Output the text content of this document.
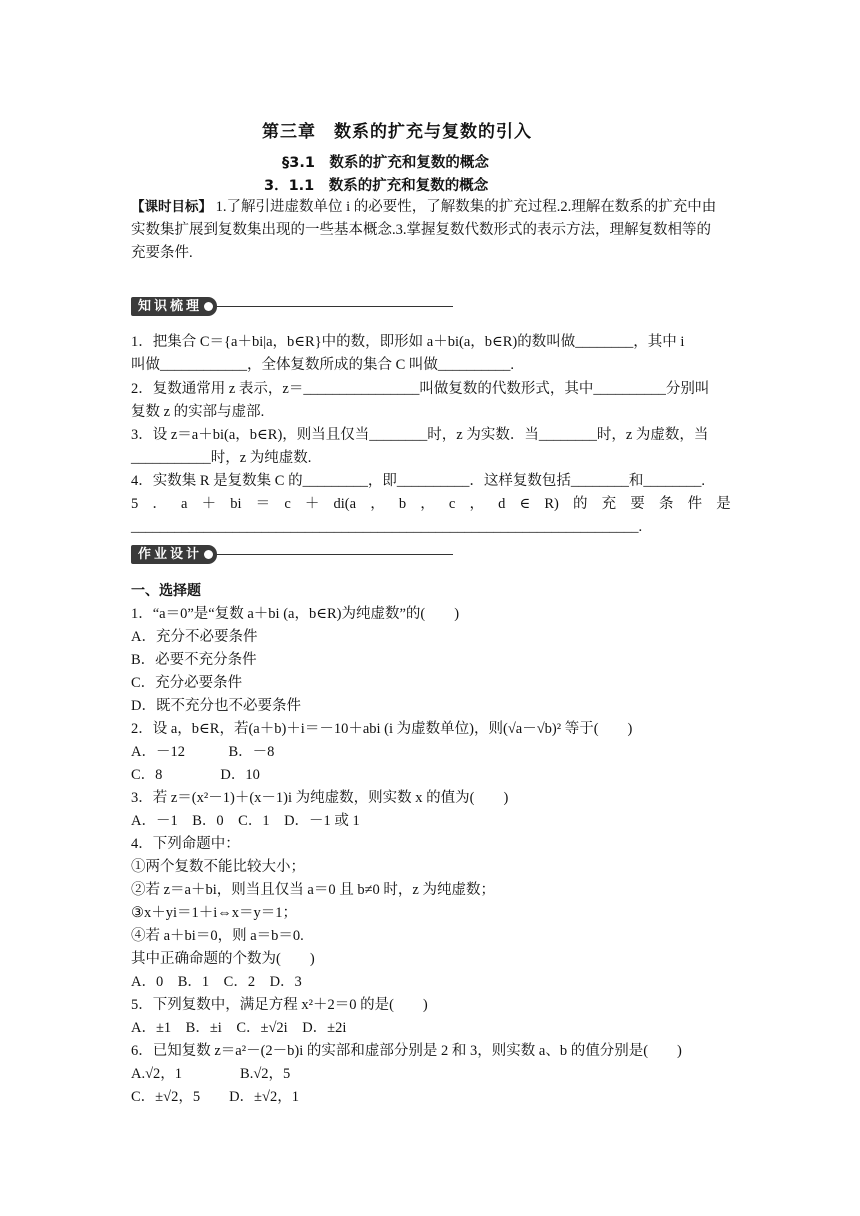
第三章　数系的扩充与复数的引入
§3.1　数系的扩充和复数的概念
3．1.1　数系的扩充和复数的概念
【课时目标】 1.了解引进虚数单位 i 的必要性，了解数集的扩充过程.2.理解在数系的扩充中由
实数集扩展到复数集出现的一些基本概念.3.掌握复数代数形式的表示方法，理解复数相等的
充要条件.
知识梳理
1．把集合 C＝{a＋bi|a，b∈R}中的数，即形如 a＋bi(a，b∈R)的数叫做________，其中 i
叫做____________，全体复数所成的集合 C 叫做__________.
2．复数通常用 z 表示，z＝________________叫做复数的代数形式，其中__________分别叫
复数 z 的实部与虚部.
3．设 z＝a＋bi(a，b∈R)，则当且仅当________时，z 为实数．当________时，z 为虚数，当
___________时，z 为纯虚数.
4．实数集 R 是复数集 C 的_________，即__________．这样复数包括________和________.
5 ． a ＋ bi ＝ c ＋ di(a ， b ， c ， d ∈ R) 的 充 要 条 件 是
______________________________________________________________________.
作业设计
一、选择题
1．“a＝0”是“复数 a＋bi (a，b∈R)为纯虚数”的(　　)
A．充分不必要条件
B．必要不充分条件
C．充分必要条件
D．既不充分也不必要条件
2．设 a，b∈R，若(a＋b)＋i＝－10＋abi (i 为虚数单位)，则(√a－√b)² 等于(　　)
A．－12　　　B．－8
C．8　　　　D．10
3．若 z＝(x²－1)＋(x－1)i 为纯虚数，则实数 x 的值为(　　)
A．－1　B．0　C．1　D．－1 或 1
4．下列命题中：
①两个复数不能比较大小；
②若 z＝a＋bi，则当且仅当 a＝0 且 b≠0 时，z 为纯虚数；
③x＋yi＝1＋i⇔x＝y＝1；
④若 a＋bi＝0，则 a＝b＝0.
其中正确命题的个数为(　　)
A．0　B．1　C．2　D．3
5．下列复数中，满足方程 x²＋2＝0 的是(　　)
A．±1　B．±i　C．±√2i　D．±2i
6．已知复数 z＝a²－(2－b)i 的实部和虚部分别是 2 和 3，则实数 a、b 的值分别是(　　)
A.√2，1　　　　B.√2，5
C．±√2，5　　D．±√2，1
